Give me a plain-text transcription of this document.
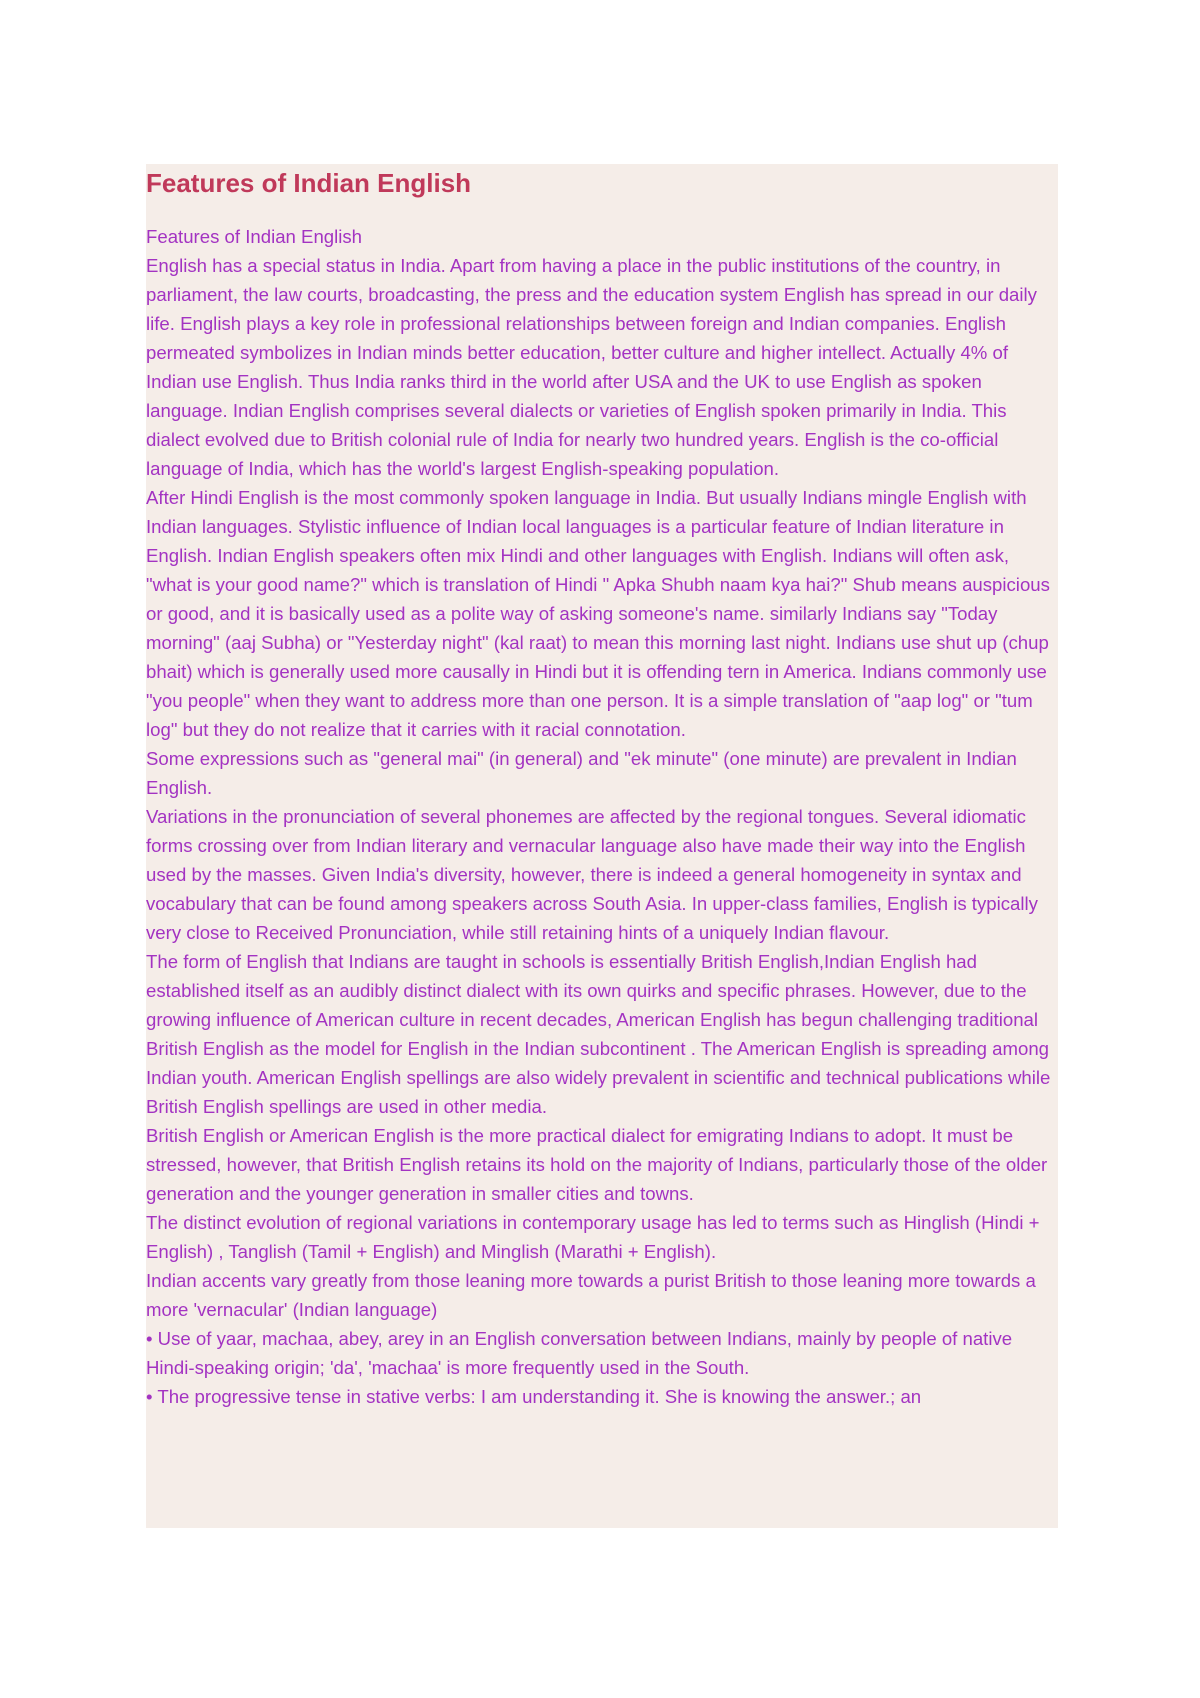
Features of Indian English

Features of Indian English

English has a special status in India. Apart from having a place in the public institutions of the country, in parliament, the law courts, broadcasting, the press and the education system English has spread in our daily life. English plays a key role in professional relationships between foreign and Indian companies. English permeated symbolizes in Indian minds better education, better culture and higher intellect. Actually 4% of Indian use English. Thus India ranks third in the world after USA and the UK to use English as spoken language. Indian English comprises several dialects or varieties of English spoken primarily in India. This dialect evolved due to British colonial rule of India for nearly two hundred years. English is the co-official language of India, which has the world's largest English-speaking population.

After Hindi English is the most commonly spoken language in India. But usually Indians mingle English with Indian languages. Stylistic influence of Indian local languages is a particular feature of Indian literature in English. Indian English speakers often mix Hindi and other languages with English. Indians will often ask, "what is your good name?" which is translation of Hindi " Apka Shubh naam kya hai?" Shub means auspicious or good, and it is basically used as a polite way of asking someone's name. similarly Indians say "Today morning" (aaj Subha) or "Yesterday night" (kal raat) to mean this morning last night. Indians use shut up (chup bhait) which is generally used more causally in Hindi but it is offending tern in America. Indians commonly use "you people" when they want to address more than one person. It is a simple translation of "aap log" or "tum log" but they do not realize that it carries with it racial connotation.

Some expressions such as "general mai" (in general) and "ek minute" (one minute) are prevalent in Indian English.

Variations in the pronunciation of several phonemes are affected by the regional tongues. Several idiomatic forms crossing over from Indian literary and vernacular language also have made their way into the English used by the masses. Given India's diversity, however, there is indeed a general homogeneity in syntax and vocabulary that can be found among speakers across South Asia. In upper-class families, English is typically very close to Received Pronunciation, while still retaining hints of a uniquely Indian flavour.

The form of English that Indians are taught in schools is essentially British English,Indian English had established itself as an audibly distinct dialect with its own quirks and specific phrases. However, due to the growing influence of American culture in recent decades, American English has begun challenging traditional British English as the model for English in the Indian subcontinent . The American English is spreading among Indian youth. American English spellings are also widely prevalent in scientific and technical publications while British English spellings are used in other media.

British English or American English is the more practical dialect for emigrating Indians to adopt. It must be stressed, however, that British English retains its hold on the majority of Indians, particularly those of the older generation and the younger generation in smaller cities and towns.

The distinct evolution of regional variations in contemporary usage has led to terms such as Hinglish (Hindi + English) , Tanglish (Tamil + English) and Minglish (Marathi + English).

Indian accents vary greatly from those leaning more towards a purist British to those leaning more towards a more 'vernacular' (Indian language)

• Use of yaar, machaa, abey, arey in an English conversation between Indians, mainly by people of native Hindi-speaking origin; 'da', 'machaa' is more frequently used in the South.

• The progressive tense in stative verbs: I am understanding it. She is knowing the answer.; an
